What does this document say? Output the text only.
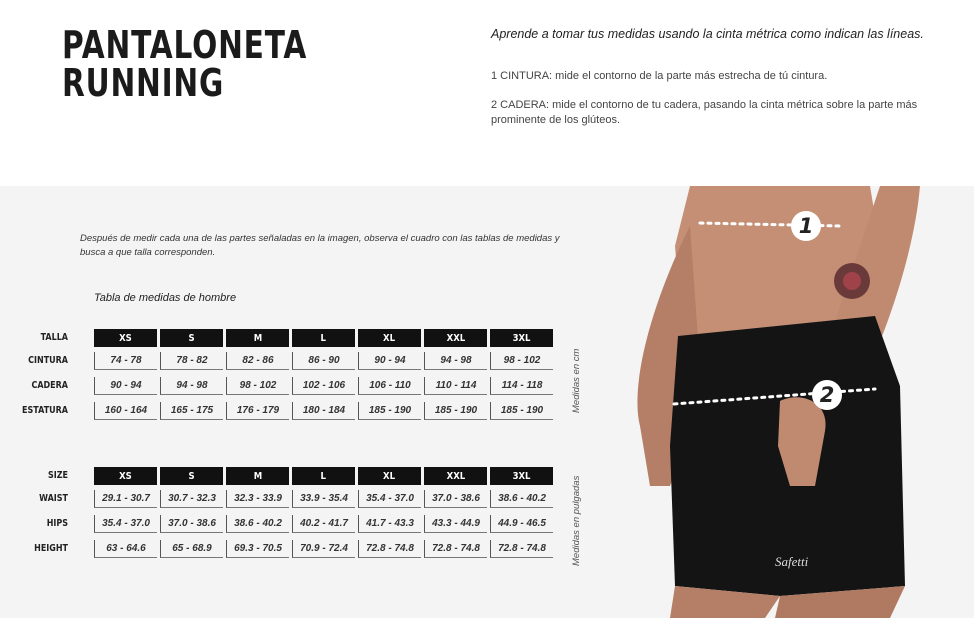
PANTALONETA
RUNNING
Aprende a tomar tus medidas usando la cinta métrica como indican las líneas.

1 CINTURA: mide el contorno de la parte más estrecha de tú cintura.

2 CADERA: mide el contorno de tu cadera, pasando la cinta métrica sobre la parte más prominente de los glúteos.

Después de medir cada una de las partes señaladas en la imagen, observa el cuadro con las tablas de medidas y busca a que talla corresponden.
Tabla de medidas de hombre
TALLA	XS	S	M	L	XL	XXL	3XL
CINTURA	74 - 78	78 - 82	82 - 86	86 - 90	90 - 94	94 - 98	98 - 102
CADERA	90 - 94	94 - 98	98 - 102	102 - 106	106 - 110	110 - 114	114 - 118
ESTATURA	160 - 164	165 - 175	176 - 179	180 - 184	185 - 190	185 - 190	185 - 190
SIZE	XS	S	M	L	XL	XXL	3XL
WAIST	29.1 - 30.7	30.7 - 32.3	32.3 - 33.9	33.9 - 35.4	35.4 - 37.0	37.0 - 38.6	38.6 - 40.2
HIPS	35.4 - 37.0	37.0 - 38.6	38.6 - 40.2	40.2 - 41.7	41.7 - 43.3	43.3 - 44.9	44.9 - 46.5
HEIGHT	63 - 64.6	65 - 68.9	69.3 - 70.5	70.9 - 72.4	72.8 - 74.8	72.8 - 74.8	72.8 - 74.8
Medidas en cm
Medidas en pulgadas	Safetti
1
2
